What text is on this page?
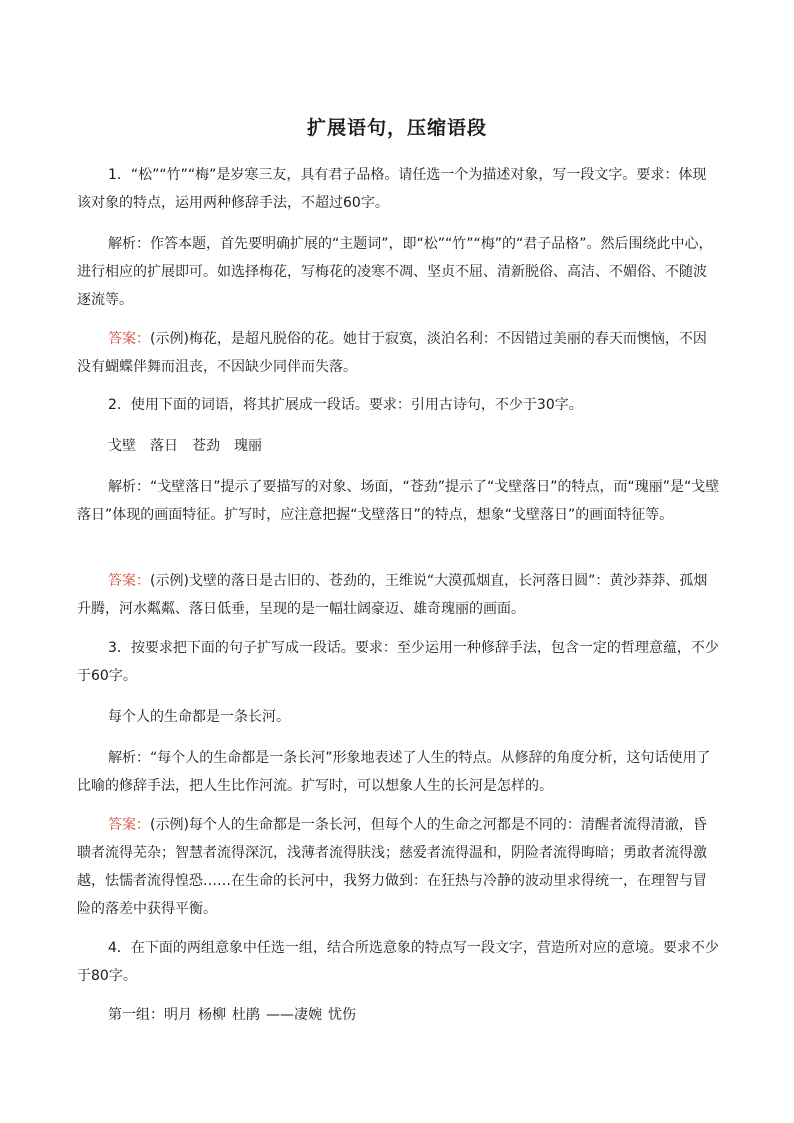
扩展语句，压缩语段

1．“松”“竹”“梅”是岁寒三友，具有君子品格。请任选一个为描述对象，写一段文字。要求：体现该对象的特点，运用两种修辞手法，不超过60字。

解析：作答本题，首先要明确扩展的“主题词”，即“松”“竹”“梅”的“君子品格”。然后围绕此中心，进行相应的扩展即可。如选择梅花，写梅花的凌寒不凋、坚贞不屈、清新脱俗、高洁、不媚俗、不随波逐流等。

答案：(示例)梅花，是超凡脱俗的花。她甘于寂寞，淡泊名利：不因错过美丽的春天而懊恼，不因没有蝴蝶伴舞而沮丧，不因缺少同伴而失落。

2．使用下面的词语，将其扩展成一段话。要求：引用古诗句，不少于30字。

戈壁 落日 苍劲 瑰丽

解析：“戈壁落日”提示了要描写的对象、场面，“苍劲”提示了“戈壁落日”的特点，而“瑰丽”是“戈壁落日”体现的画面特征。扩写时，应注意把握“戈壁落日”的特点，想象“戈壁落日”的画面特征等。

答案：(示例)戈壁的落日是古旧的、苍劲的，王维说“大漠孤烟直，长河落日圆”：黄沙莽莽、孤烟升腾，河水粼粼、落日低垂，呈现的是一幅壮阔豪迈、雄奇瑰丽的画面。

3．按要求把下面的句子扩写成一段话。要求：至少运用一种修辞手法，包含一定的哲理意蕴，不少于60字。

每个人的生命都是一条长河。

解析：“每个人的生命都是一条长河”形象地表述了人生的特点。从修辞的角度分析，这句话使用了比喻的修辞手法，把人生比作河流。扩写时，可以想象人生的长河是怎样的。

答案：(示例)每个人的生命都是一条长河，但每个人的生命之河都是不同的：清醒者流得清澈，昏聩者流得芜杂；智慧者流得深沉，浅薄者流得肤浅；慈爱者流得温和，阴险者流得晦暗；勇敢者流得激越，怯懦者流得惶恐……在生命的长河中，我努力做到：在狂热与冷静的波动里求得统一，在理智与冒险的落差中获得平衡。

4．在下面的两组意象中任选一组，结合所选意象的特点写一段文字，营造所对应的意境。要求不少于80字。

第一组：明月 杨柳 杜鹃 ——凄婉 忧伤
